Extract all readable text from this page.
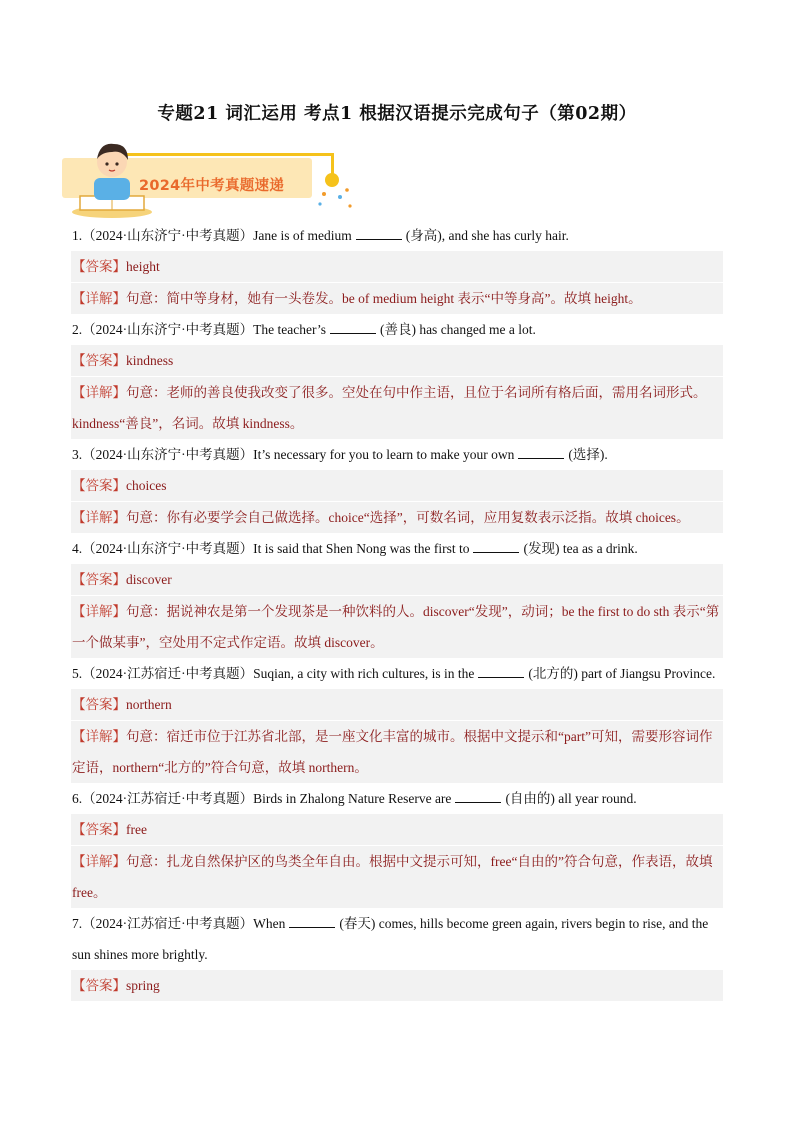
专题21 词汇运用 考点1 根据汉语提示完成句子（第02期）
2024年中考真题速递
1.（2024·山东济宁·中考真题）Jane is of medium	(身高), and she has curly hair.
【答案】height
【详解】句意：简中等身材，她有一头卷发。be of medium height 表示“中等身高”。故填 height。
2.（2024·山东济宁·中考真题）The teacher’s	(善良) has changed me a lot.
【答案】kindness
【详解】句意：老师的善良使我改变了很多。空处在句中作主语，且位于名词所有格后面，需用名词形式。kindness“善良”，名词。故填 kindness。
3.（2024·山东济宁·中考真题）It’s necessary for you to learn to make your own	(选择).
【答案】choices
【详解】句意：你有必要学会自己做选择。choice“选择”，可数名词，应用复数表示泛指。故填 choices。
4.（2024·山东济宁·中考真题）It is said that Shen Nong was the first to	(发现) tea as a drink.
【答案】discover
【详解】句意：据说神农是第一个发现茶是一种饮料的人。discover“发现”，动词；be the first to do sth 表示“第一个做某事”，空处用不定式作定语。故填 discover。
5.（2024·江苏宿迁·中考真题）Suqian, a city with rich cultures, is in the	(北方的) part of Jiangsu Province.
【答案】northern
【详解】句意：宿迁市位于江苏省北部，是一座文化丰富的城市。根据中文提示和“part”可知，需要形容词作定语，northern“北方的”符合句意，故填 northern。
6.（2024·江苏宿迁·中考真题）Birds in Zhalong Nature Reserve are	(自由的) all year round.
【答案】free
【详解】句意：扎龙自然保护区的鸟类全年自由。根据中文提示可知，free“自由的”符合句意，作表语，故填 free。
7.（2024·江苏宿迁·中考真题）When	(春天) comes, hills become green again, rivers begin to rise, and the sun shines more brightly.
【答案】spring
